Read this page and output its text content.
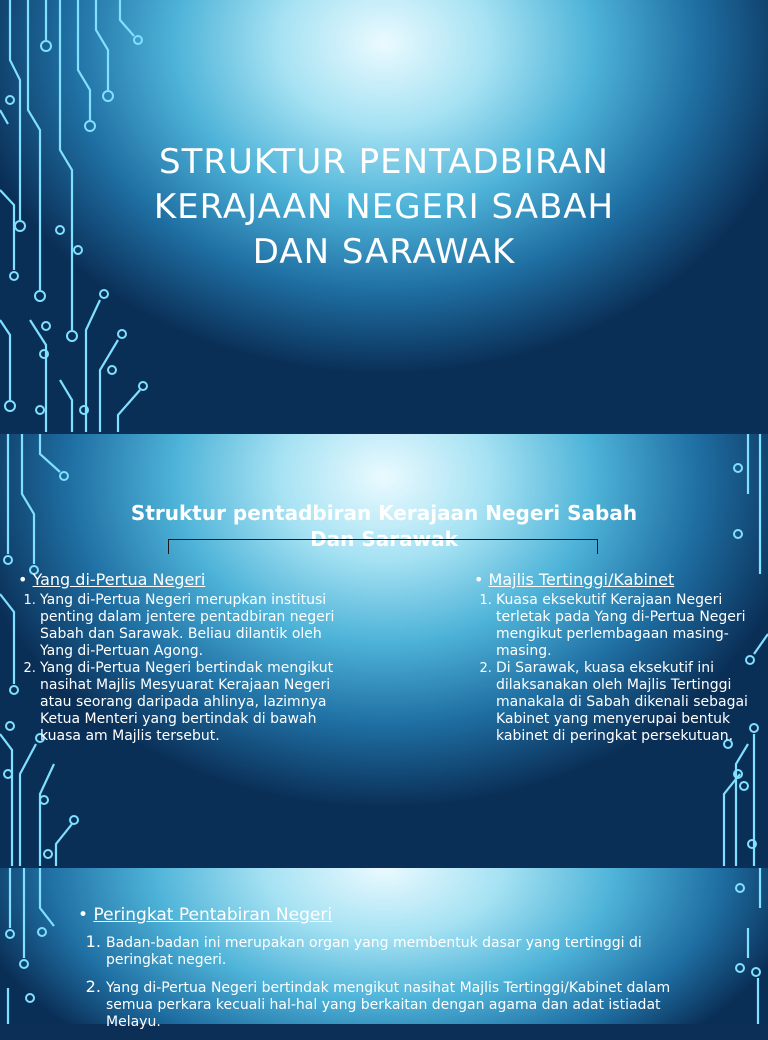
STRUKTUR PENTADBIRAN
KERAJAAN NEGERI SABAH
DAN SARAWAK
Struktur pentadbiran Kerajaan Negeri Sabah
Dan Sarawak
• Yang di-Pertua Negeri
1. Yang di-Pertua Negeri merupkan institusi penting dalam jentere pentadbiran negeri Sabah dan Sarawak. Beliau dilantik oleh Yang di-Pertuan Agong.
2. Yang di-Pertua Negeri bertindak mengikut nasihat Majlis Mesyuarat Kerajaan Negeri atau seorang daripada ahlinya, lazimnya Ketua Menteri yang bertindak di bawah kuasa am Majlis tersebut.
• Majlis Tertinggi/Kabinet
1. Kuasa eksekutif Kerajaan Negeri terletak pada Yang di-Pertua Negeri mengikut perlembagaan masing-masing.
2. Di Sarawak, kuasa eksekutif ini dilaksanakan oleh Majlis Tertinggi manakala di Sabah dikenali sebagai Kabinet yang menyerupai bentuk kabinet di peringkat persekutuan.
• Peringkat Pentabiran Negeri
1. Badan-badan ini merupakan organ yang membentuk dasar yang tertinggi di peringkat negeri.
2. Yang di-Pertua Negeri bertindak mengikut nasihat Majlis Tertinggi/Kabinet dalam semua perkara kecuali hal-hal yang berkaitan dengan agama dan adat istiadat Melayu.
